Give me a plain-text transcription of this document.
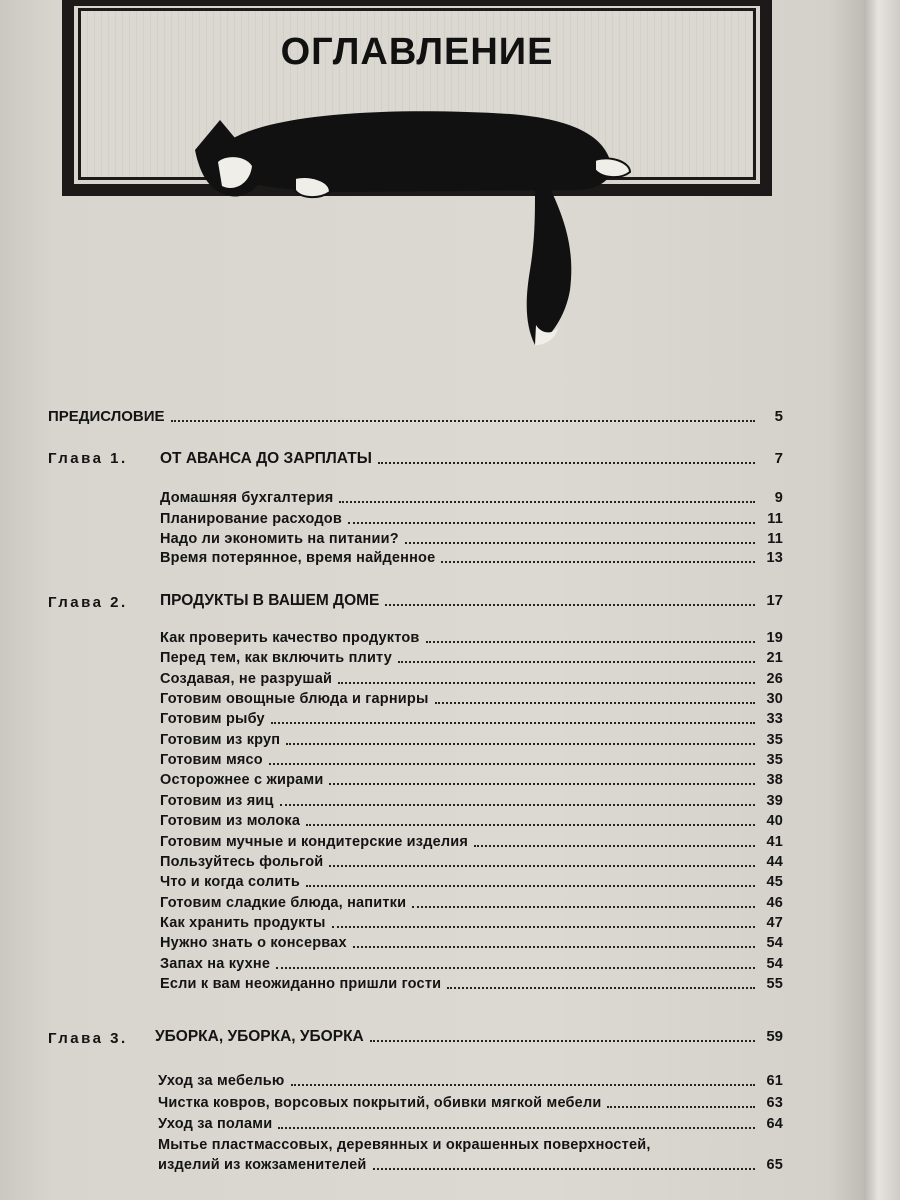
ОГЛАВЛЕНИЕ
ПРЕДИСЛОВИЕ	5
Глава 1. ОТ АВАНСА ДО ЗАРПЛАТЫ	7
Домашняя бухгалтерия	9
Планирование расходов	11
Надо ли экономить на питании?	11
Время потерянное, время найденное	13
Глава 2. ПРОДУКТЫ В ВАШЕМ ДОМЕ	17
Как проверить качество продуктов	19
Перед тем, как включить плиту	21
Создавая, не разрушай	26
Готовим овощные блюда и гарниры	30
Готовим рыбу	33
Готовим из круп	35
Готовим мясо	35
Осторожнее с жирами	38
Готовим из яиц	39
Готовим из молока	40
Готовим мучные и кондитерские изделия	41
Пользуйтесь фольгой	44
Что и когда солить	45
Готовим сладкие блюда, напитки	46
Как хранить продукты	47
Нужно знать о консервах	54
Запах на кухне	54
Если к вам неожиданно пришли гости	55
Глава 3. УБОРКА, УБОРКА, УБОРКА	59
Уход за мебелью	61
Чистка ковров, ворсовых покрытий, обивки мягкой мебели	63
Уход за полами	64
Мытье пластмассовых, деревянных и окрашенных поверхностей,
изделий из кожзаменителей	65
